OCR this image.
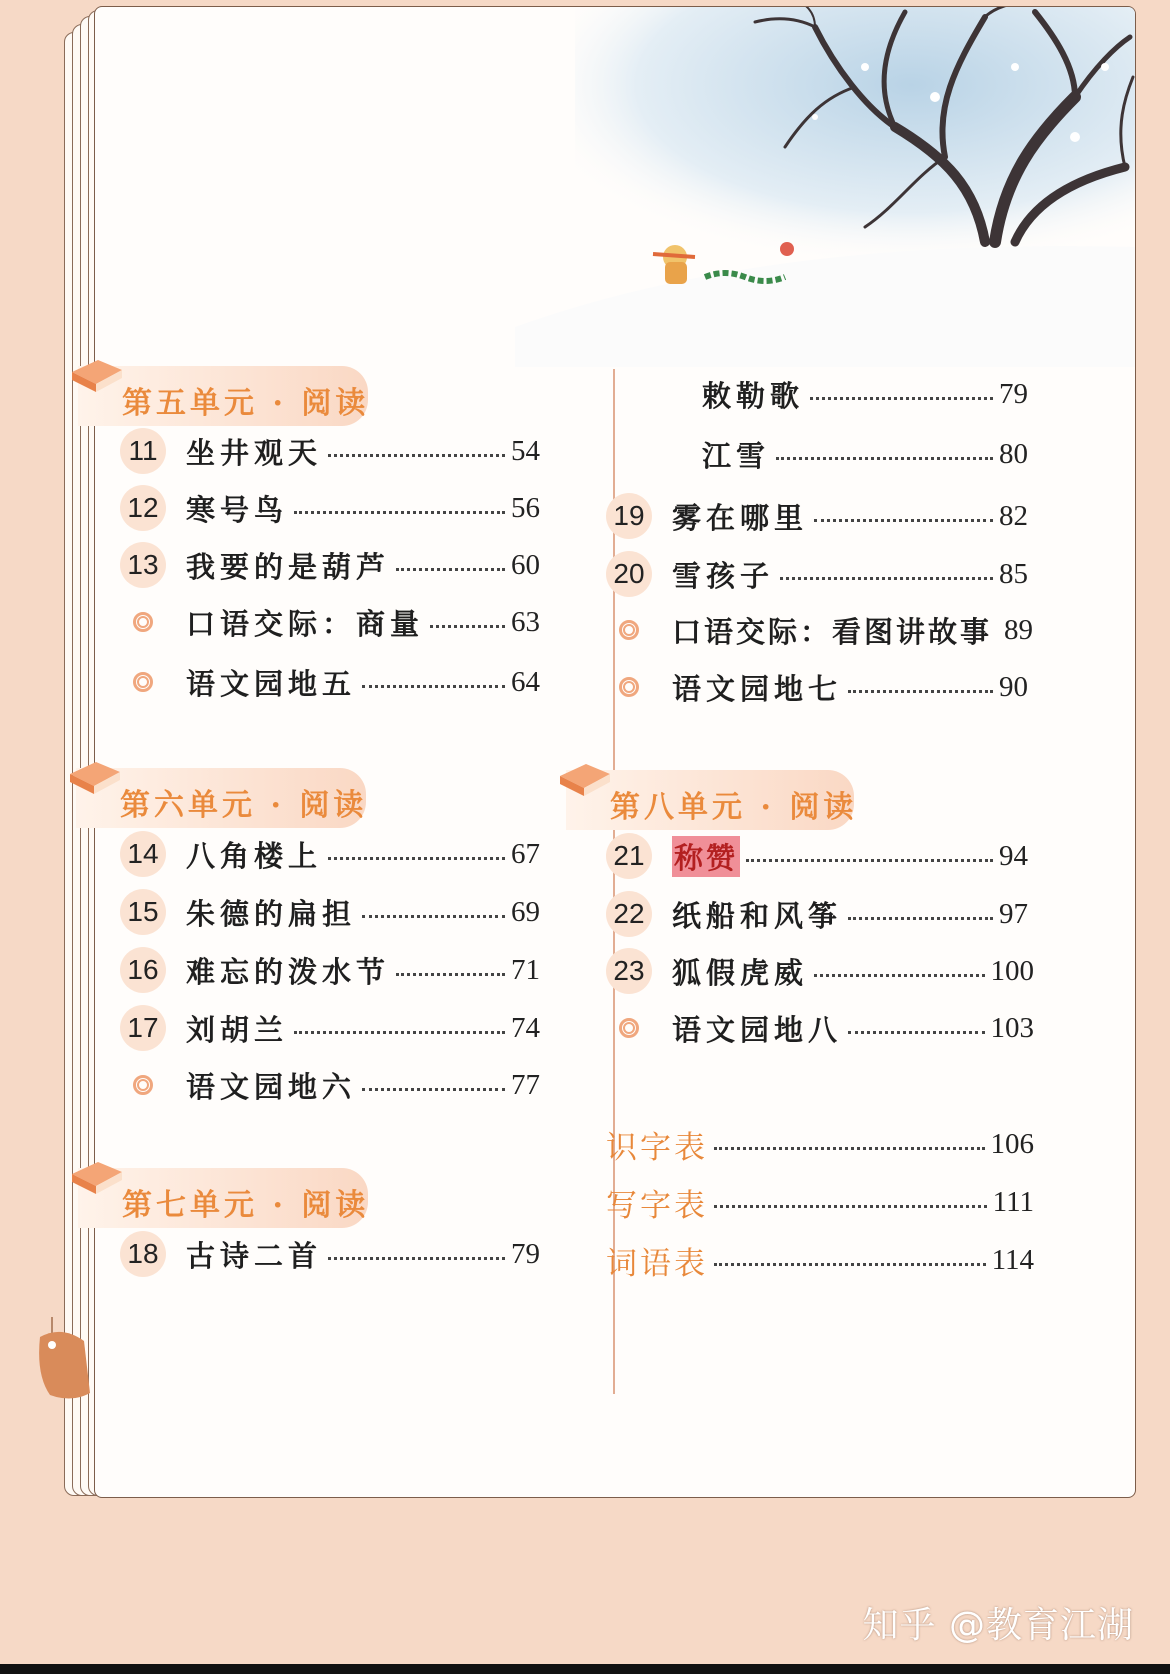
第五单元 · 阅读
11 坐井观天	54
12 寒号鸟	56
13 我要的是葫芦	60
口语交际：商量	63
语文园地五	64
第六单元 · 阅读
14 八角楼上	67
15 朱德的扁担	69
16 难忘的泼水节	71
17 刘胡兰	74
语文园地六	77
第七单元 · 阅读
18 古诗二首	79
敕勒歌	79
江雪	80
19 雾在哪里	82
20 雪孩子	85
口语交际：看图讲故事 89
语文园地七	90
第八单元 · 阅读
21 称赞	94
22 纸船和风筝	97
23 狐假虎威	100
语文园地八	103
识字表	106
写字表	111
词语表	114
知乎 @教育江湖
